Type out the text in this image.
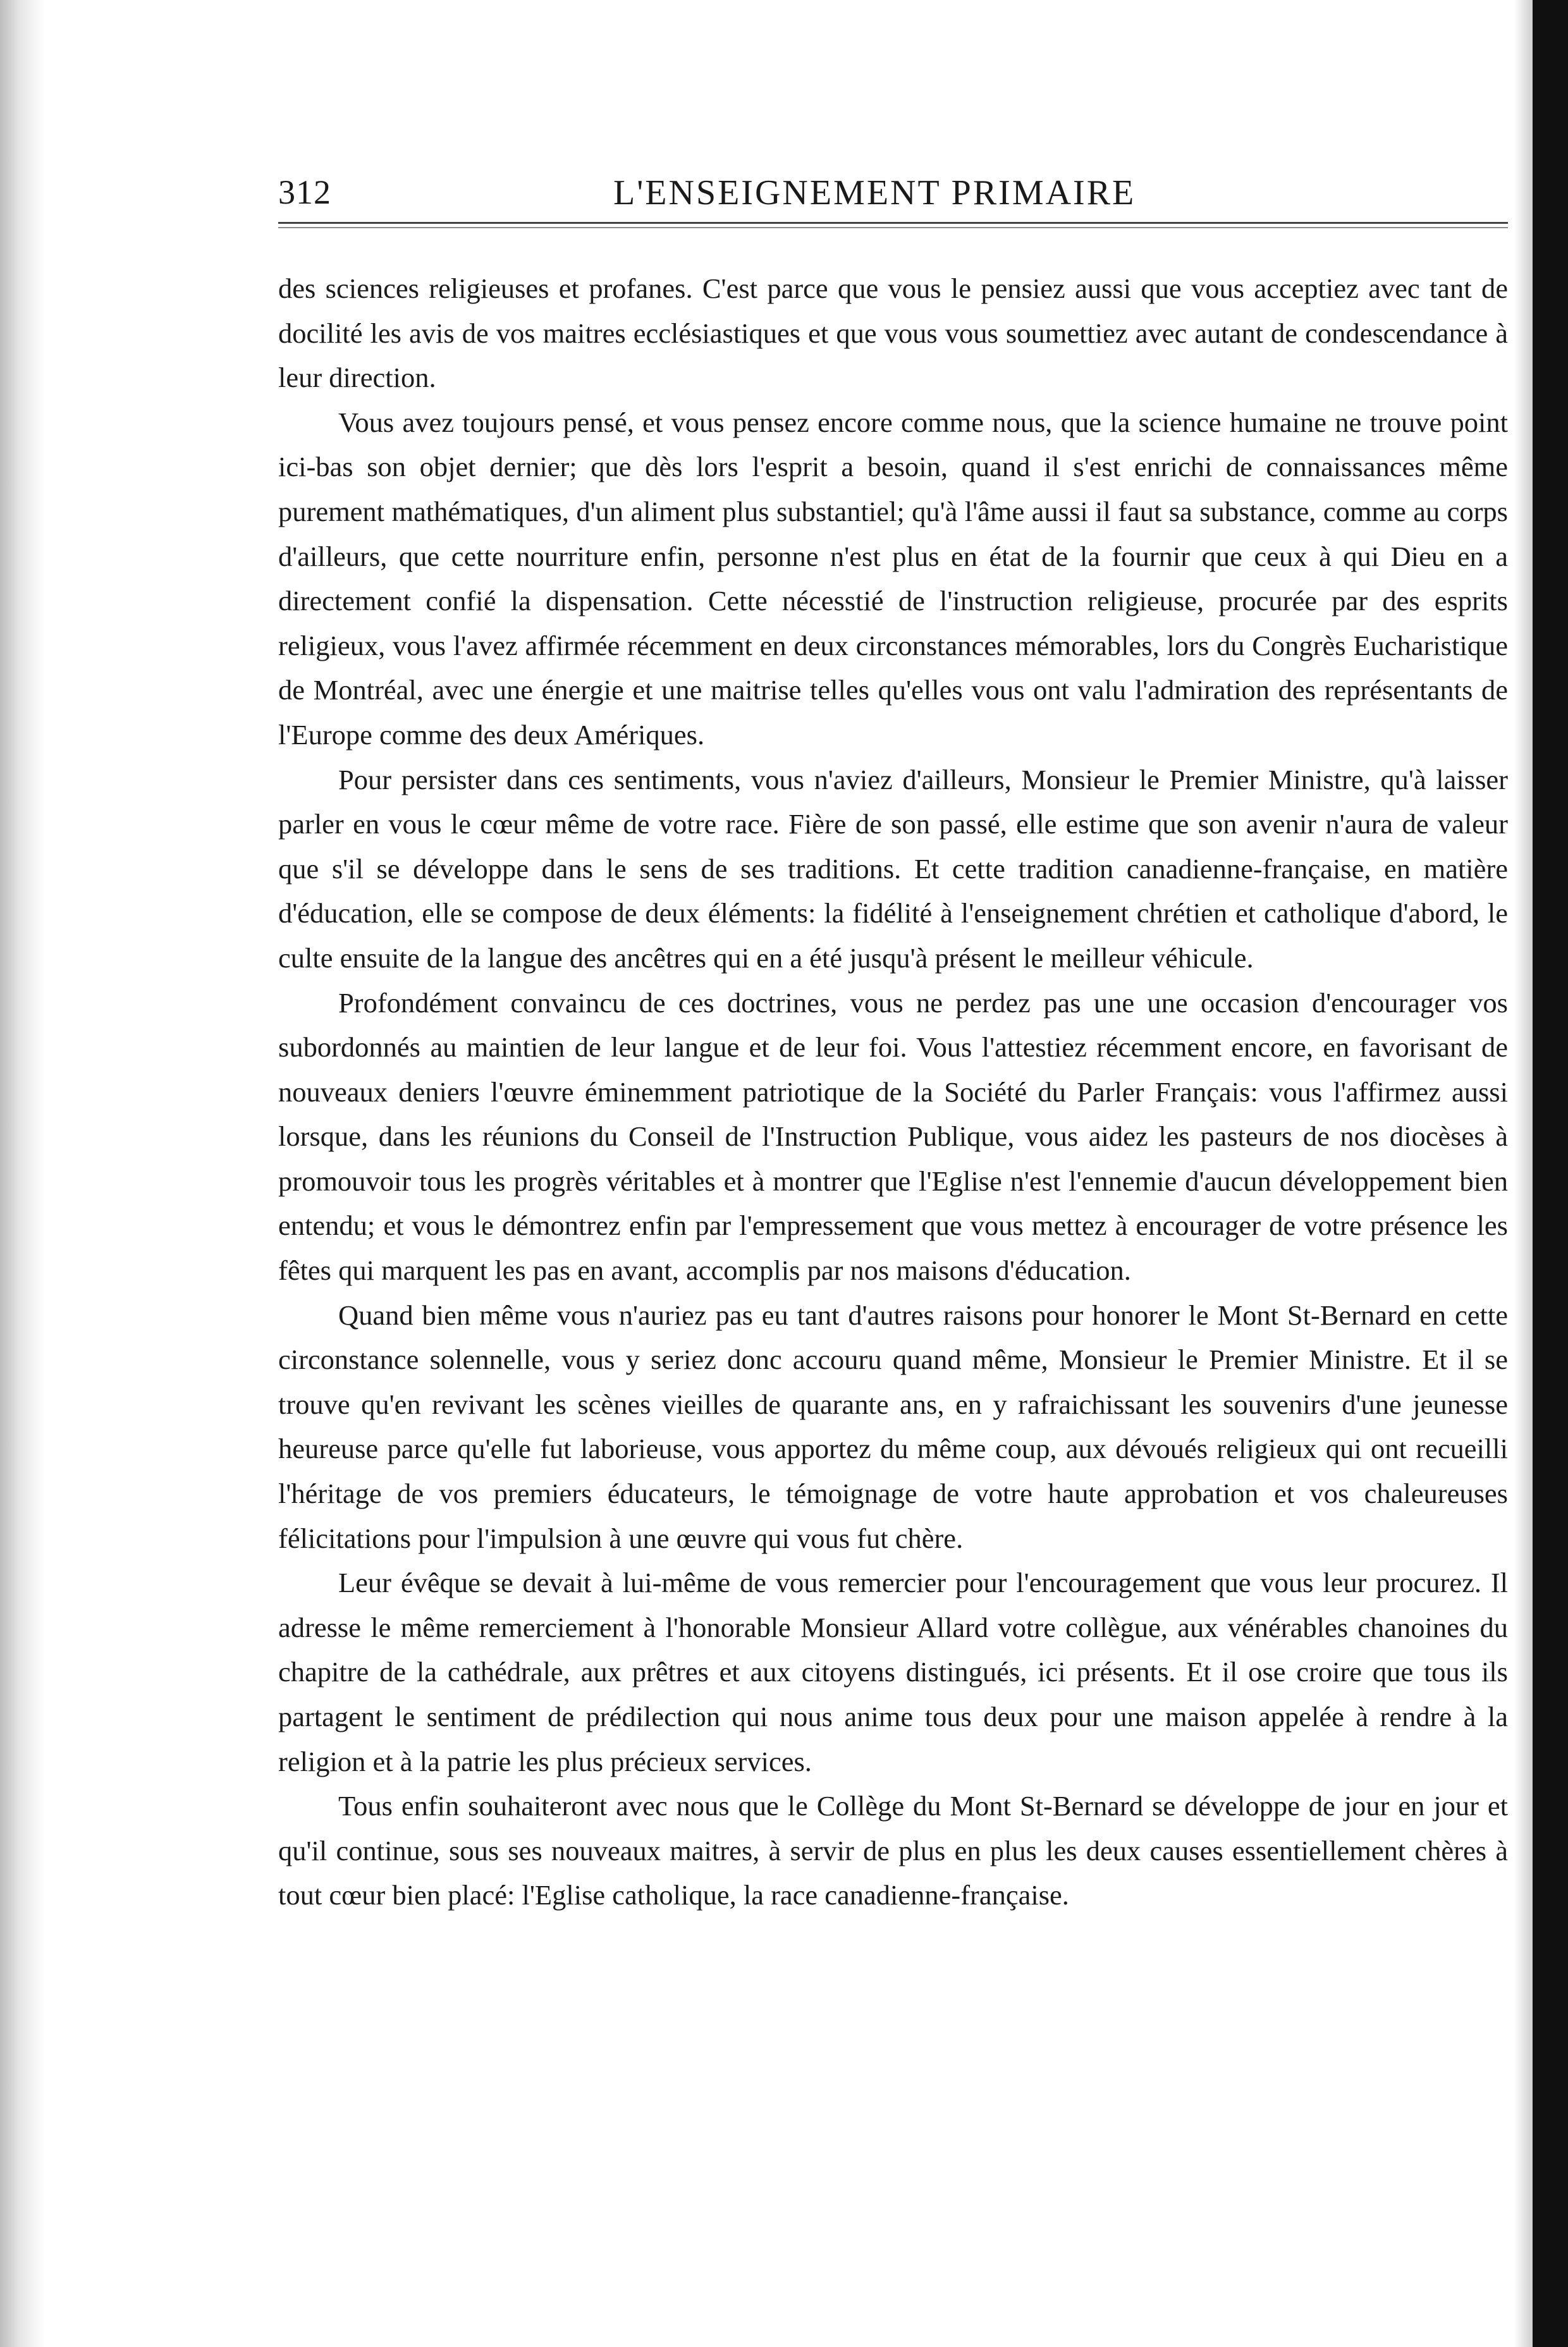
312	L'ENSEIGNEMENT PRIMAIRE

des sciences religieuses et profanes. C'est parce que vous le pensiez aussi que vous acceptiez avec tant de docilité les avis de vos maitres ecclésiastiques et que vous vous soumettiez avec autant de condescendance à leur direction.

Vous avez toujours pensé, et vous pensez encore comme nous, que la science humaine ne trouve point ici-bas son objet dernier; que dès lors l'esprit a besoin, quand il s'est enrichi de connaissances même purement mathématiques, d'un aliment plus substantiel; qu'à l'âme aussi il faut sa substance, comme au corps d'ailleurs, que cette nourriture enfin, personne n'est plus en état de la fournir que ceux à qui Dieu en a directement confié la dispensation. Cette nécesstié de l'instruction religieuse, procurée par des esprits religieux, vous l'avez affirmée récemment en deux circonstances mémorables, lors du Congrès Eucharistique de Montréal, avec une énergie et une maitrise telles qu'elles vous ont valu l'admiration des représentants de l'Europe comme des deux Amériques.

Pour persister dans ces sentiments, vous n'aviez d'ailleurs, Monsieur le Premier Ministre, qu'à laisser parler en vous le cœur même de votre race. Fière de son passé, elle estime que son avenir n'aura de valeur que s'il se développe dans le sens de ses traditions. Et cette tradition canadienne-française, en matière d'éducation, elle se compose de deux éléments: la fidélité à l'enseignement chrétien et catholique d'abord, le culte ensuite de la langue des ancêtres qui en a été jusqu'à présent le meilleur véhicule.

Profondément convaincu de ces doctrines, vous ne perdez pas une une occasion d'encourager vos subordonnés au maintien de leur langue et de leur foi. Vous l'attestiez récemment encore, en favorisant de nouveaux deniers l'œuvre éminemment patriotique de la Société du Parler Français: vous l'affirmez aussi lorsque, dans les réunions du Conseil de l'Instruction Publique, vous aidez les pasteurs de nos diocèses à promouvoir tous les progrès véritables et à montrer que l'Eglise n'est l'ennemie d'aucun développement bien entendu; et vous le démontrez enfin par l'empressement que vous mettez à encourager de votre présence les fêtes qui marquent les pas en avant, accomplis par nos maisons d'éducation.

Quand bien même vous n'auriez pas eu tant d'autres raisons pour honorer le Mont St-Bernard en cette circonstance solennelle, vous y seriez donc accouru quand même, Monsieur le Premier Ministre. Et il se trouve qu'en revivant les scènes vieilles de quarante ans, en y rafraichissant les souvenirs d'une jeunesse heureuse parce qu'elle fut laborieuse, vous apportez du même coup, aux dévoués religieux qui ont recueilli l'héritage de vos premiers éducateurs, le témoignage de votre haute approbation et vos chaleureuses félicitations pour l'impulsion à une œuvre qui vous fut chère.

Leur évêque se devait à lui-même de vous remercier pour l'encouragement que vous leur procurez. Il adresse le même remerciement à l'honorable Monsieur Allard votre collègue, aux vénérables chanoines du chapitre de la cathédrale, aux prêtres et aux citoyens distingués, ici présents. Et il ose croire que tous ils partagent le sentiment de prédilection qui nous anime tous deux pour une maison appelée à rendre à la religion et à la patrie les plus précieux services.

Tous enfin souhaiteront avec nous que le Collège du Mont St-Bernard se développe de jour en jour et qu'il continue, sous ses nouveaux maitres, à servir de plus en plus les deux causes essentiellement chères à tout cœur bien placé: l'Eglise catholique, la race canadienne-française.
